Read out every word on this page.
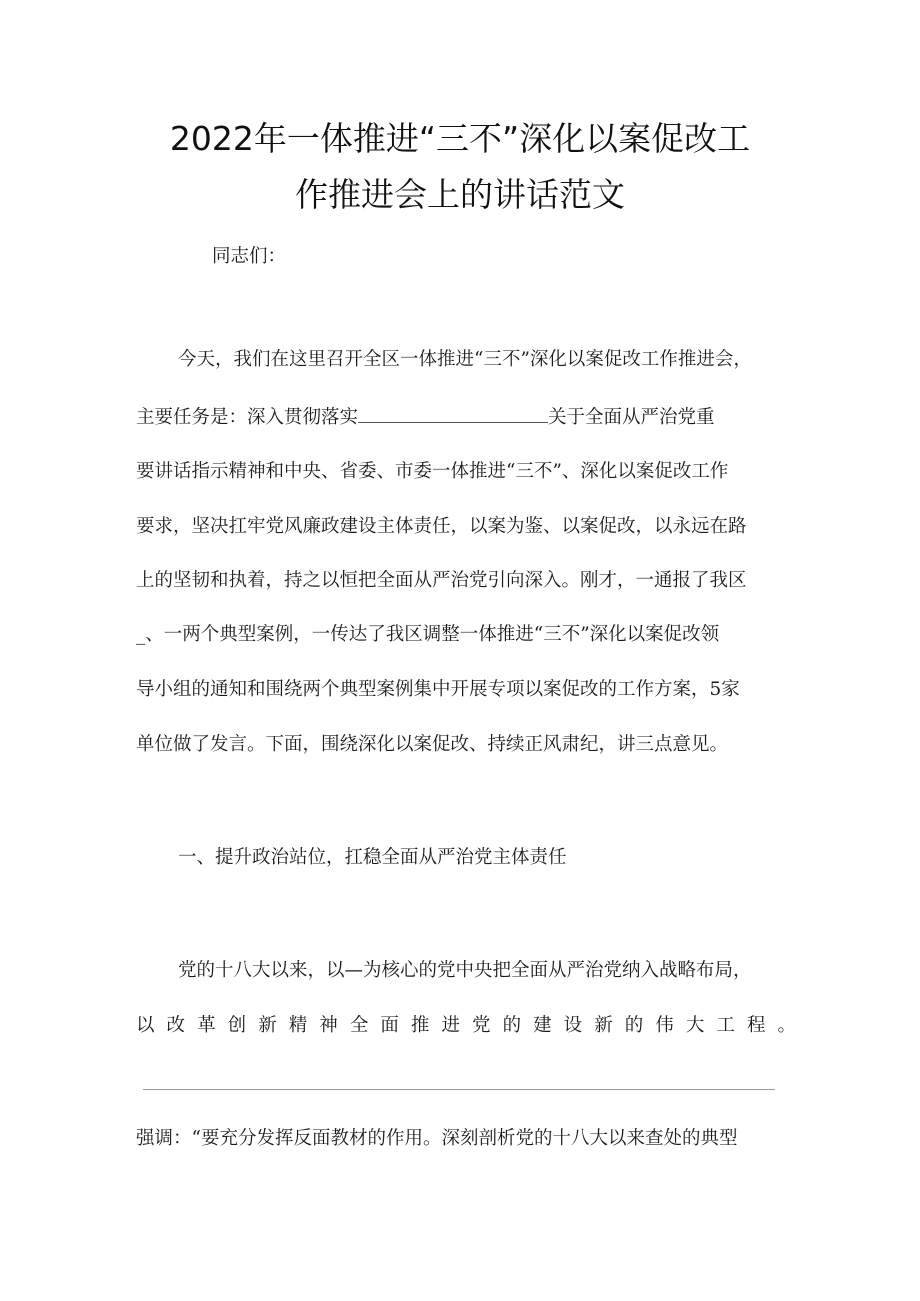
2022年一体推进“三不”深化以案促改工
作推进会上的讲话范文
同志们：
今天，我们在这里召开全区一体推进“三不”深化以案促改工作推进会，
主要任务是：深入贯彻落实	关于全面从严治党重
要讲话指示精神和中央、省委、市委一体推进“三不”、深化以案促改工作
要求，坚决扛牢党风廉政建设主体责任，以案为鉴、以案促改，以永远在路
上的坚韧和执着，持之以恒把全面从严治党引向深入。刚才，一通报了我区
_、一两个典型案例，一传达了我区调整一体推进“三不”深化以案促改领
导小组的通知和围绕两个典型案例集中开展专项以案促改的工作方案，5家
单位做了发言。下面，围绕深化以案促改、持续正风肃纪，讲三点意见。
一、提升政治站位，扛稳全面从严治党主体责任
党的十八大以来，以—为核心的党中央把全面从严治党纳入战略布局，
以改革创新精神全面推进党的建设新的伟大工程。
强调：“要充分发挥反面教材的作用。深刻剖析党的十八大以来查处的典型
